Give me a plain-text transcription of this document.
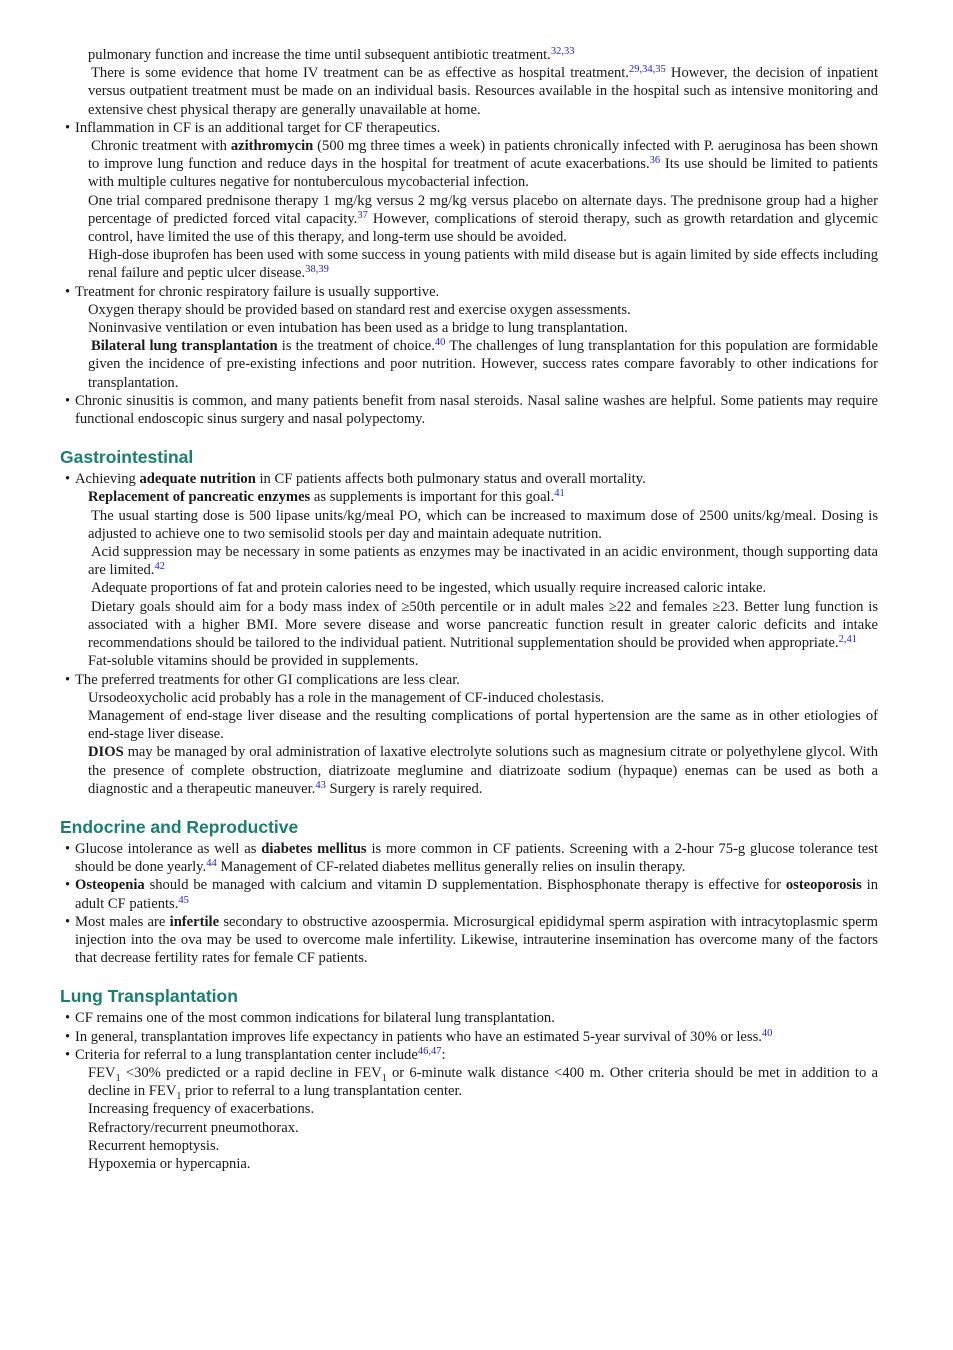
pulmonary function and increase the time until subsequent antibiotic treatment.$^{32,33}$

There is some evidence that home IV treatment can be as effective as hospital treatment.$^{29,34,35}$ However, the decision of inpatient versus outpatient treatment must be made on an individual basis. Resources available in the hospital such as intensive monitoring and extensive chest physical therapy are generally unavailable at home.

• Inflammation in CF is an additional target for CF therapeutics.

Chronic treatment with azithromycin (500 mg three times a week) in patients chronically infected with P. aeruginosa has been shown to improve lung function and reduce days in the hospital for treatment of acute exacerbations.$^{36}$ Its use should be limited to patients with multiple cultures negative for nontuberculous mycobacterial infection.

One trial compared prednisone therapy 1 mg/kg versus 2 mg/kg versus placebo on alternate days. The prednisone group had a higher percentage of predicted forced vital capacity.$^{37}$ However, complications of steroid therapy, such as growth retardation and glycemic control, have limited the use of this therapy, and long-term use should be avoided.

High-dose ibuprofen has been used with some success in young patients with mild disease but is again limited by side effects including renal failure and peptic ulcer disease.$^{38,39}$

• Treatment for chronic respiratory failure is usually supportive.

Oxygen therapy should be provided based on standard rest and exercise oxygen assessments.

Noninvasive ventilation or even intubation has been used as a bridge to lung transplantation.

Bilateral lung transplantation is the treatment of choice.$^{40}$ The challenges of lung transplantation for this population are formidable given the incidence of pre-existing infections and poor nutrition. However, success rates compare favorably to other indications for transplantation.

• Chronic sinusitis is common, and many patients benefit from nasal steroids. Nasal saline washes are helpful. Some patients may require functional endoscopic sinus surgery and nasal polypectomy.
Gastrointestinal
• Achieving adequate nutrition in CF patients affects both pulmonary status and overall mortality.

Replacement of pancreatic enzymes as supplements is important for this goal.$^{41}$

The usual starting dose is 500 lipase units/kg/meal PO, which can be increased to maximum dose of 2500 units/kg/meal. Dosing is adjusted to achieve one to two semisolid stools per day and maintain adequate nutrition.

Acid suppression may be necessary in some patients as enzymes may be inactivated in an acidic environment, though supporting data are limited.$^{42}$

Adequate proportions of fat and protein calories need to be ingested, which usually require increased caloric intake.

Dietary goals should aim for a body mass index of ≥50th percentile or in adult males ≥22 and females ≥23. Better lung function is associated with a higher BMI. More severe disease and worse pancreatic function result in greater caloric deficits and intake recommendations should be tailored to the individual patient. Nutritional supplementation should be provided when appropriate.$^{2,41}$

Fat-soluble vitamins should be provided in supplements.

• The preferred treatments for other GI complications are less clear.

Ursodeoxycholic acid probably has a role in the management of CF-induced cholestasis.

Management of end-stage liver disease and the resulting complications of portal hypertension are the same as in other etiologies of end-stage liver disease.

DIOS may be managed by oral administration of laxative electrolyte solutions such as magnesium citrate or polyethylene glycol. With the presence of complete obstruction, diatrizoate meglumine and diatrizoate sodium (hypaque) enemas can be used as both a diagnostic and a therapeutic maneuver.$^{43}$ Surgery is rarely required.

Endocrine and Reproductive
• Glucose intolerance as well as diabetes mellitus is more common in CF patients. Screening with a 2-hour 75-g glucose tolerance test should be done yearly.$^{44}$ Management of CF-related diabetes mellitus generally relies on insulin therapy.
• Osteopenia should be managed with calcium and vitamin D supplementation. Bisphosphonate therapy is effective for osteoporosis in adult CF patients.$^{45}$
• Most males are infertile secondary to obstructive azoospermia. Microsurgical epididymal sperm aspiration with intracytoplasmic sperm injection into the ova may be used to overcome male infertility. Likewise, intrauterine insemination has overcome many of the factors that decrease fertility rates for female CF patients.
Lung Transplantation
• CF remains one of the most common indications for bilateral lung transplantation.
• In general, transplantation improves life expectancy in patients who have an estimated 5-year survival of 30% or less.$^{40}$
• Criteria for referral to a lung transplantation center include$^{46,47}$:

$FEV_1 <30\%$ predicted or a rapid decline in $FEV_1$ or 6-minute walk distance <400 m. Other criteria should be met in addition to a decline in $FEV_1$ prior to referral to a lung transplantation center.

Increasing frequency of exacerbations.

Refractory/recurrent pneumothorax.

Recurrent hemoptysis.

Hypoxemia or hypercapnia.
